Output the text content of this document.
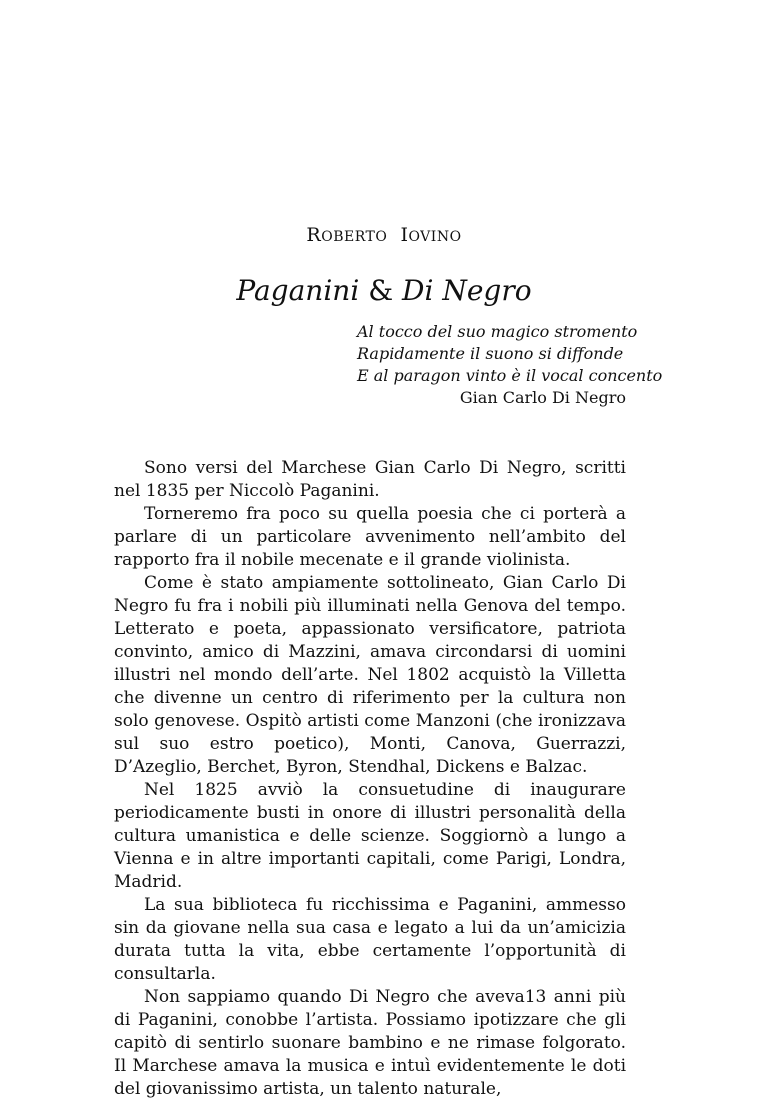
ROBERTO IOVINO
Paganini & Di Negro
Al tocco del suo magico stromento
Rapidamente il suono si diffonde
E al paragon vinto è il vocal concento
Gian Carlo Di Negro

Sono versi del Marchese Gian Carlo Di Negro, scritti nel 1835 per Niccolò Paganini.

Torneremo fra poco su quella poesia che ci porterà a parlare di un particolare avvenimento nell’ambito del rapporto fra il nobile mecenate e il grande violinista.

Come è stato ampiamente sottolineato, Gian Carlo Di Negro fu fra i nobili più illuminati nella Genova del tempo. Letterato e poeta, appassionato versificatore, patriota convinto, amico di Mazzini, amava circondarsi di uomini illustri nel mondo dell’arte. Nel 1802 acquistò la Villetta che divenne un centro di riferimento per la cultura non solo genovese. Ospitò artisti come Manzoni (che ironizzava sul suo estro poetico), Monti, Canova, Guerrazzi, D’Azeglio, Berchet, Byron, Stendhal, Dickens e Balzac.

Nel 1825 avviò la consuetudine di inaugurare periodicamente busti in onore di illustri personalità della cultura umanistica e delle scienze. Soggiornò a lungo a Vienna e in altre importanti capitali, come Parigi, Londra, Madrid.

La sua biblioteca fu ricchissima e Paganini, ammesso sin da giovane nella sua casa e legato a lui da un’amicizia durata tutta la vita, ebbe certamente l’opportunità di consultarla.

Non sappiamo quando Di Negro che aveva13 anni più di Paganini, conobbe l’artista. Possiamo ipotizzare che gli capitò di sentirlo suonare bambino e ne rimase folgorato. Il Marchese amava la musica e intuì evidentemente le doti del giovanissimo artista, un talento naturale,
